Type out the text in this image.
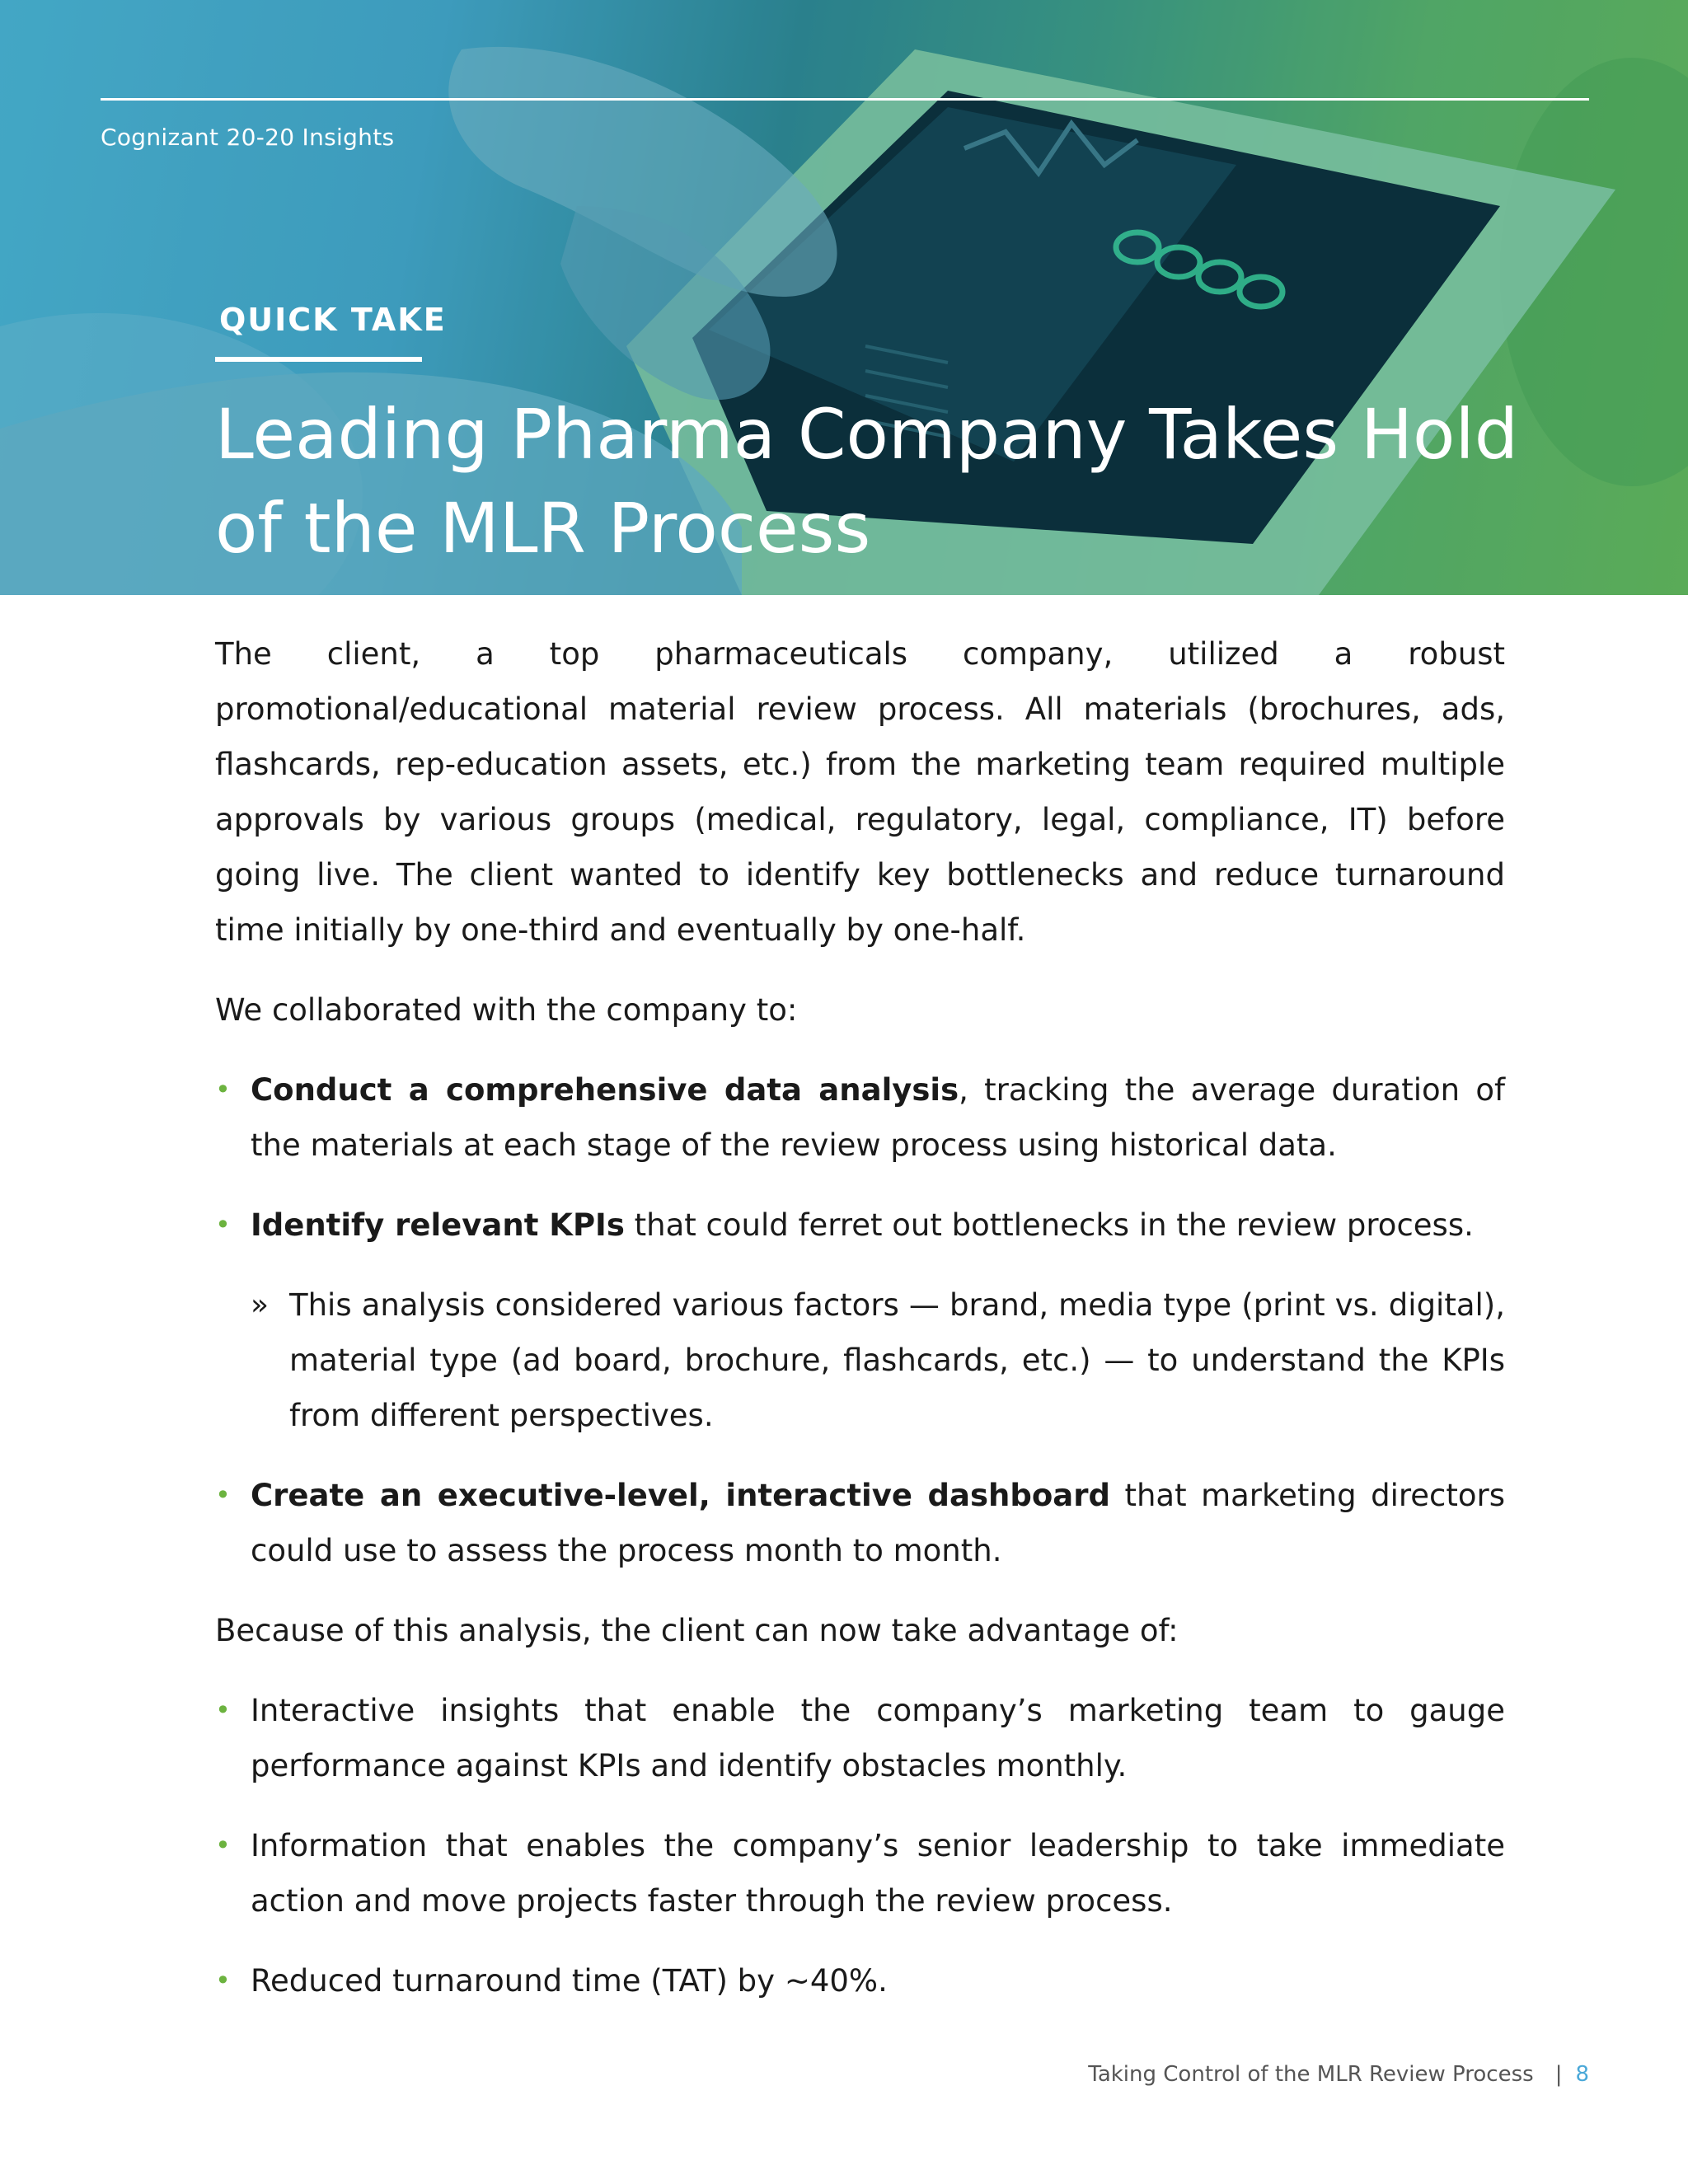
Cognizant 20-20 Insights
QUICK TAKE
Leading Pharma Company Takes Hold
of the MLR Process

The client, a top pharmaceuticals company, utilized a robust promotional/educational material review process. All materials (brochures, ads, flashcards, rep-education assets, etc.) from the marketing team required multiple approvals by various groups (medical, regulatory, legal, compliance, IT) before going live. The client wanted to identify key bottlenecks and reduce turnaround time initially by one-third and eventually by one-half.

We collaborated with the company to:

• Conduct a comprehensive data analysis, tracking the average duration of the materials at each stage of the review process using historical data.
• Identify relevant KPIs that could ferret out bottlenecks in the review process.
» This analysis considered various factors — brand, media type (print vs. digital), material type (ad board, brochure, flashcards, etc.) — to understand the KPIs from different perspectives.
• Create an executive-level, interactive dashboard that marketing directors could use to assess the process month to month.

Because of this analysis, the client can now take advantage of:

• Interactive insights that enable the company’s marketing team to gauge performance against KPIs and identify obstacles monthly.
• Information that enables the company’s senior leadership to take immediate action and move projects faster through the review process.
• Reduced turnaround time (TAT) by ~40%.
Taking Control of the MLR Review Process | 8
